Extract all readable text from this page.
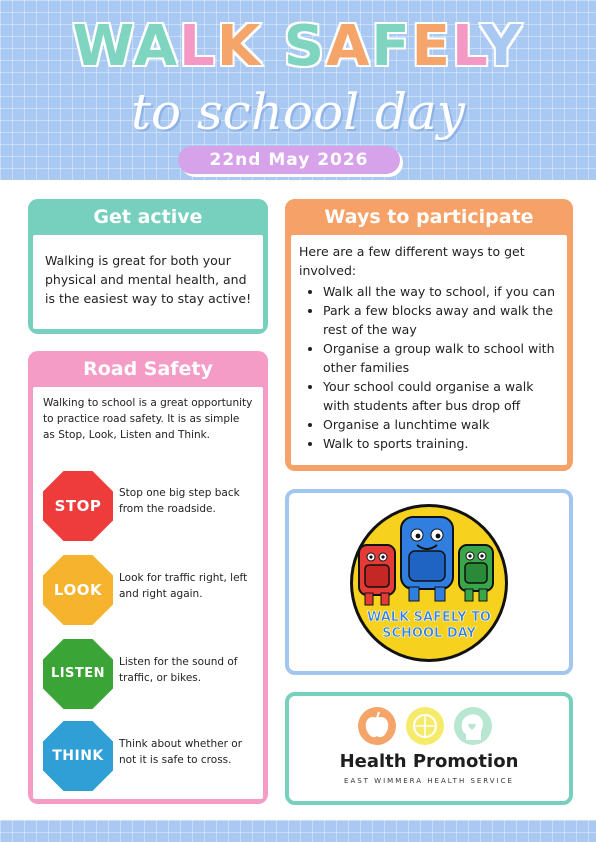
WALK SAFELY
to school day
22nd May 2026
Get active

Walking is great for both your physical and mental health, and is the easiest way to stay active!

Ways to participate
Here are a few different ways to get involved:
• Walk all the way to school, if you can
• Park a few blocks away and walk the rest of the way
• Organise a group walk to school with other families
• Your school could organise a walk with students after bus drop off
• Organise a lunchtime walk
• Walk to sports training.
Road Safety
Walking to school is a great opportunity to practice road safety. It is as simple as Stop, Look, Listen and Think.
STOP
Stop one big step back from the roadside.
LOOK
Look for traffic right, left and right again.
LISTEN
Listen for the sound of traffic, or bikes.
THINK
Think about whether or not it is safe to cross.
WALK SAFELY TO
SCHOOL DAY
Health Promotion
EAST WIMMERA HEALTH SERVICE
